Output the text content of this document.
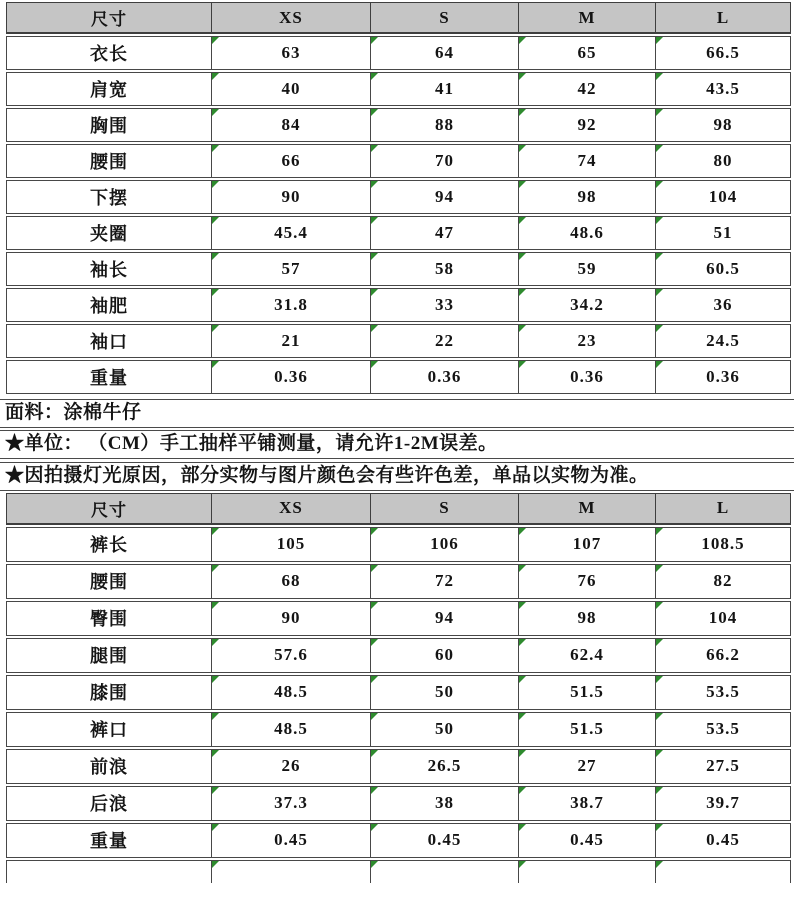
尺寸	XS	S	M	L
衣长	63	64	65	66.5
肩宽	40	41	42	43.5
胸围	84	88	92	98
腰围	66	70	74	80
下摆	90	94	98	104
夹圈	45.4	47	48.6	51
袖长	57	58	59	60.5
袖肥	31.8	33	34.2	36
袖口	21	22	23	24.5
重量	0.36	0.36	0.36	0.36
面料：涂棉牛仔
★单位： （CM）手工抽样平铺测量，请允许1-2M误差。
★因拍摄灯光原因，部分实物与图片颜色会有些许色差，单品以实物为准。
尺寸	XS	S	M	L
裤长	105	106	107	108.5
腰围	68	72	76	82
臀围	90	94	98	104
腿围	57.6	60	62.4	66.2
膝围	48.5	50	51.5	53.5
裤口	48.5	50	51.5	53.5
前浪	26	26.5	27	27.5
后浪	37.3	38	38.7	39.7
重量	0.45	0.45	0.45	0.45
